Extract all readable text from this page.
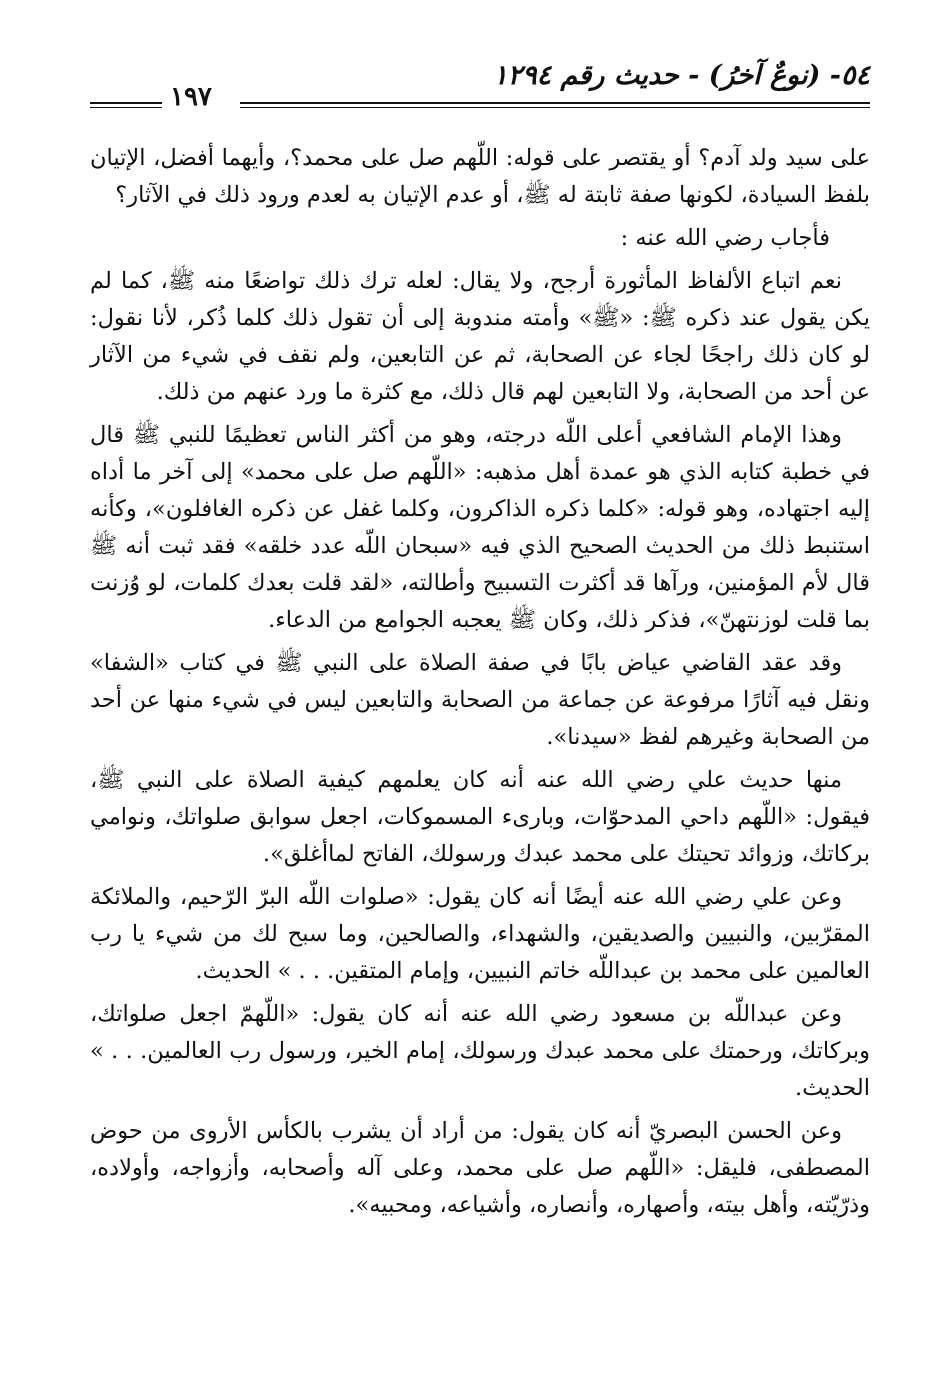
٥٤- (نوعٌ آخرُ) - حديث رقم ١٢٩٤
١٩٧

على سيد ولد آدم؟ أو يقتصر على قوله: اللّهم صل على محمد؟، وأيهما أفضل، الإتيان بلفظ السيادة، لكونها صفة ثابتة له ﷺ، أو عدم الإتيان به لعدم ورود ذلك في الآثار؟

فأجاب رضي الله عنه :

نعم اتباع الألفاظ المأثورة أرجح، ولا يقال: لعله ترك ذلك تواضعًا منه ﷺ، كما لم يكن يقول عند ذكره ﷺ: «ﷺ» وأمته مندوبة إلى أن تقول ذلك كلما ذُكر، لأنا نقول: لو كان ذلك راجحًا لجاء عن الصحابة، ثم عن التابعين، ولم نقف في شيء من الآثار عن أحد من الصحابة، ولا التابعين لهم قال ذلك، مع كثرة ما ورد عنهم من ذلك.

وهذا الإمام الشافعي أعلى اللّه درجته، وهو من أكثر الناس تعظيمًا للنبي ﷺ قال في خطبة كتابه الذي هو عمدة أهل مذهبه: «اللّهم صل على محمد» إلى آخر ما أداه إليه اجتهاده، وهو قوله: «كلما ذكره الذاكرون، وكلما غفل عن ذكره الغافلون»، وكأنه استنبط ذلك من الحديث الصحيح الذي فيه «سبحان اللّه عدد خلقه» فقد ثبت أنه ﷺ قال لأم المؤمنين، ورآها قد أكثرت التسبيح وأطالته، «لقد قلت بعدك كلمات، لو وُزنت بما قلت لوزنتهنّ»، فذكر ذلك، وكان ﷺ يعجبه الجوامع من الدعاء.

وقد عقد القاضي عياض بابًا في صفة الصلاة على النبي ﷺ في كتاب «الشفا» ونقل فيه آثارًا مرفوعة عن جماعة من الصحابة والتابعين ليس في شيء منها عن أحد من الصحابة وغيرهم لفظ «سيدنا».

منها حديث علي رضي الله عنه أنه كان يعلمهم كيفية الصلاة على النبي ﷺ، فيقول: «اللّهم داحي المدحوّات، وبارىء المسموكات، اجعل سوابق صلواتك، ونوامي بركاتك، وزوائد تحيتك على محمد عبدك ورسولك، الفاتح لماأغلق».

وعن علي رضي الله عنه أيضًا أنه كان يقول: «صلوات اللّه البرّ الرّحيم، والملائكة المقرّبين، والنبيين والصديقين، والشهداء، والصالحين، وما سبح لك من شيء يا رب العالمين على محمد بن عبداللّه خاتم النبيين، وإمام المتقين. . . » الحديث.

وعن عبداللّه بن مسعود رضي الله عنه أنه كان يقول: «اللّهمّ اجعل صلواتك، وبركاتك، ورحمتك على محمد عبدك ورسولك، إمام الخير، ورسول رب العالمين. . . » الحديث.

وعن الحسن البصريّ أنه كان يقول: من أراد أن يشرب بالكأس الأروى من حوض المصطفى، فليقل: «اللّهم صل على محمد، وعلى آله وأصحابه، وأزواجه، وأولاده، وذرّيّته، وأهل بيته، وأصهاره، وأنصاره، وأشياعه، ومحبيه».
